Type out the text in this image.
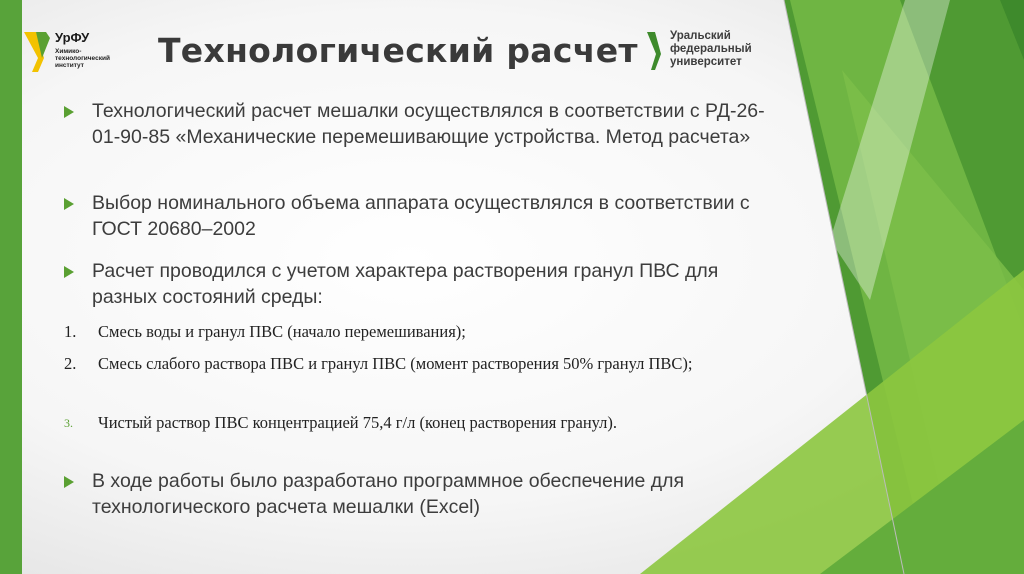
УрФУ
Химико-технологический институт	Технологический расчет	Уральский
федеральный
университет
Технологический расчет мешалки осуществлялся в соответствии с РД-26-01-90-85 «Механические перемешивающие устройства. Метод расчета»
Выбор номинального объема аппарата осуществлялся в соответствии с ГОСТ 20680–2002
Расчет проводился с учетом характера растворения гранул ПВС для разных состояний среды:
1. Смесь воды и гранул ПВС (начало перемешивания);
2.	Смесь слабого раствора ПВС и гранул ПВС (момент растворения 50% гранул ПВС);
3. Чистый раствор ПВС концентрацией 75,4 г/л (конец растворения гранул).
В ходе работы было разработано программное обеспечение для технологического расчета мешалки (Excel)
